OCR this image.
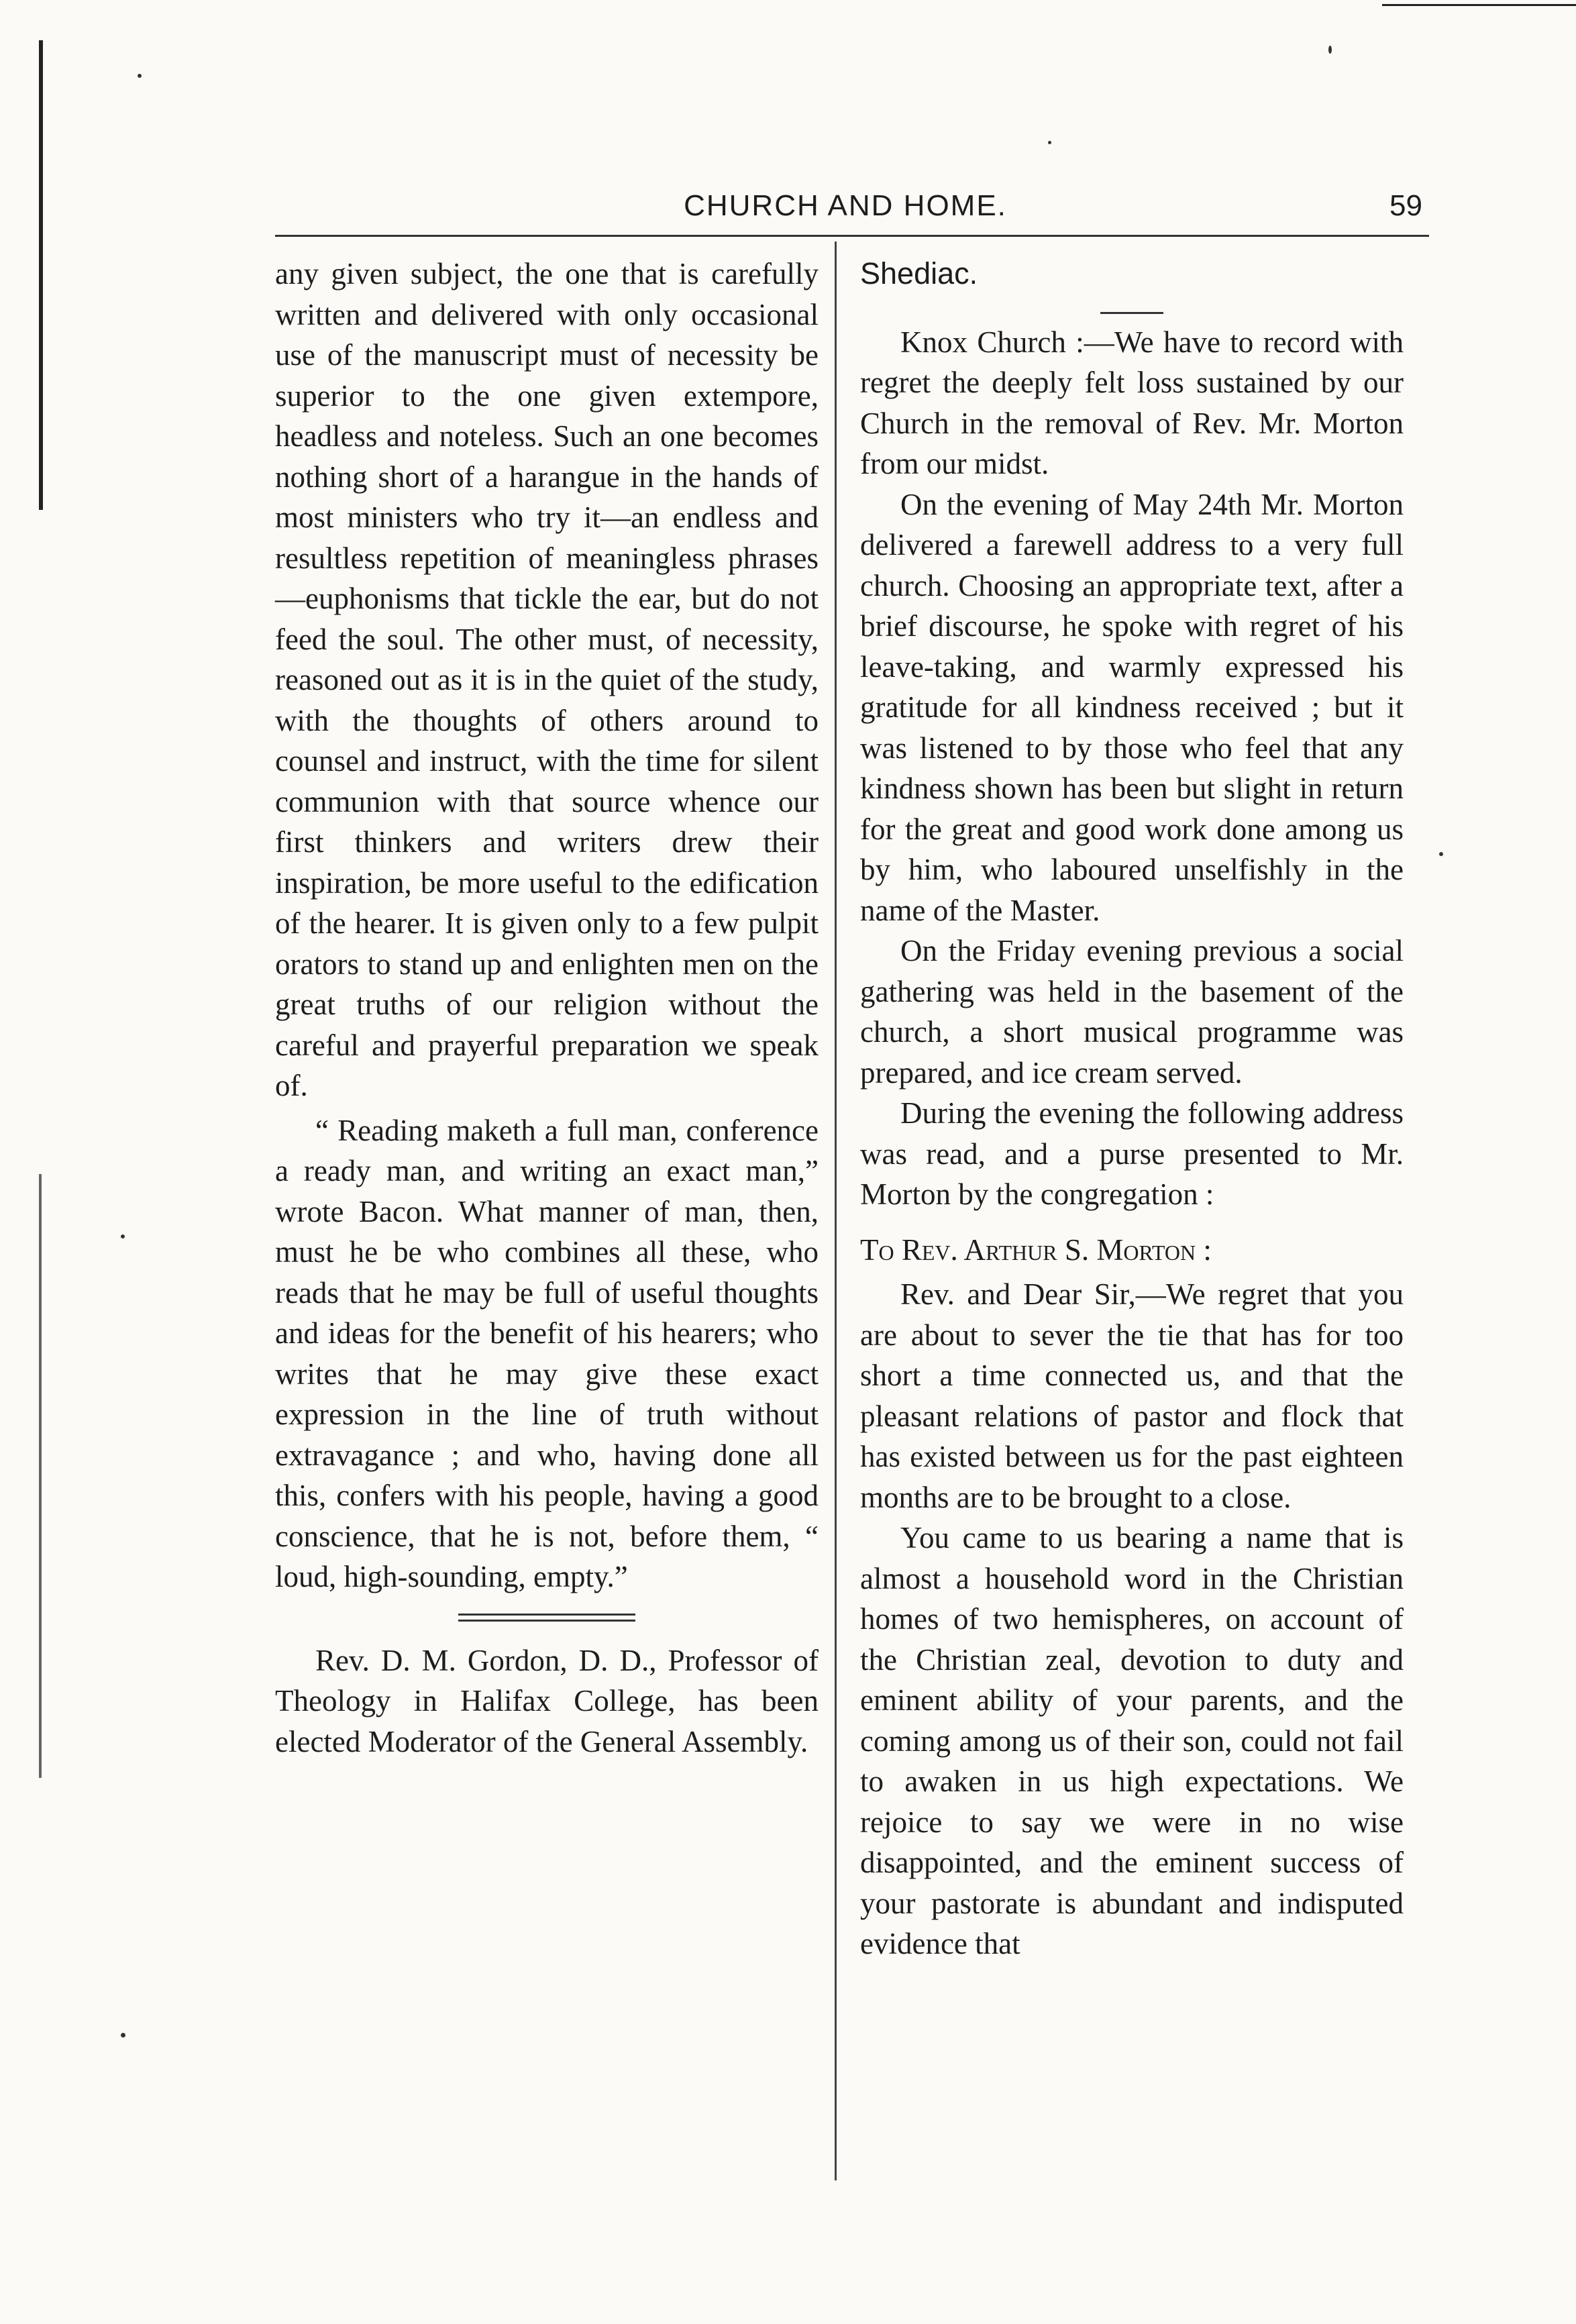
CHURCH AND HOME.	59

any given subject, the one that is carefully written and delivered with only occasional use of the manuscript must of necessity be superior to the one given extempore, headless and noteless. Such an one becomes nothing short of a harangue in the hands of most ministers who try it—an endless and resultless repetition of meaningless phrases—euphonisms that tickle the ear, but do not feed the soul. The other must, of necessity, reasoned out as it is in the quiet of the study, with the thoughts of others around to counsel and instruct, with the time for silent communion with that source whence our first thinkers and writers drew their inspiration, be more useful to the edification of the hearer. It is given only to a few pulpit orators to stand up and enlighten men on the great truths of our religion without the careful and prayerful preparation we speak of.

“ Reading maketh a full man, conference a ready man, and writing an exact man,” wrote Bacon. What manner of man, then, must he be who combines all these, who reads that he may be full of useful thoughts and ideas for the benefit of his hearers; who writes that he may give these exact expression in the line of truth without extravagance ; and who, having done all this, confers with his people, having a good conscience, that he is not, before them, “ loud, high-sounding, empty.”

Rev. D. M. Gordon, D. D., Professor of Theology in Halifax College, has been elected Moderator of the General Assembly.

Shediac.

Knox Church :—We have to record with regret the deeply felt loss sustained by our Church in the removal of Rev. Mr. Morton from our midst.

On the evening of May 24th Mr. Morton delivered a farewell address to a very full church. Choosing an appropriate text, after a brief discourse, he spoke with regret of his leave-taking, and warmly expressed his gratitude for all kindness received ; but it was listened to by those who feel that any kindness shown has been but slight in return for the great and good work done among us by him, who laboured unselfishly in the name of the Master.

On the Friday evening previous a social gathering was held in the basement of the church, a short musical programme was prepared, and ice cream served.

During the evening the following address was read, and a purse presented to Mr. Morton by the congregation :

To Rev. Arthur S. Morton :

Rev. and Dear Sir,—We regret that you are about to sever the tie that has for too short a time connected us, and that the pleasant relations of pastor and flock that has existed between us for the past eighteen months are to be brought to a close.

You came to us bearing a name that is almost a household word in the Christian homes of two hemispheres, on account of the Christian zeal, devotion to duty and eminent ability of your parents, and the coming among us of their son, could not fail to awaken in us high expectations. We rejoice to say we were in no wise disappointed, and the eminent success of your pastorate is abundant and indisputed evidence that
